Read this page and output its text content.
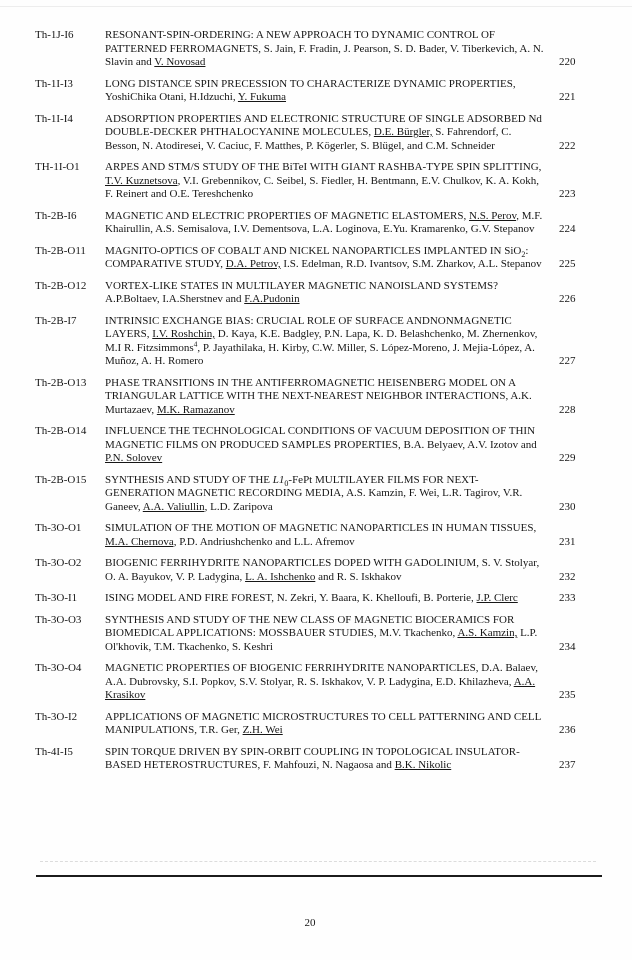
Th-1J-I6	RESONANT-SPIN-ORDERING: A NEW APPROACH TO DYNAMIC CONTROL OF PATTERNED FERROMAGNETS, S. Jain, F. Fradin, J. Pearson, S. D. Bader, V. Tiberkevich, A. N. Slavin and V. Novosad	220
Th-1I-I3	LONG DISTANCE SPIN PRECESSION TO CHARACTERIZE DYNAMIC PROPERTIES, YoshiChika Otani, H.Idzuchi, Y. Fukuma	221
Th-1I-I4	ADSORPTION PROPERTIES AND ELECTRONIC STRUCTURE OF SINGLE ADSORBED Nd DOUBLE-DECKER PHTHALOCYANINE MOLECULES, D.E. Bürgler, S. Fahrendorf, C. Besson, N. Atodiresei, V. Caciuc, F. Matthes, P. Kögerler, S. Blügel, and C.M. Schneider	222
TH-1I-O1	ARPES AND STM/S STUDY OF THE BiTeI WITH GIANT RASHBA-TYPE SPIN SPLITTING, T.V. Kuznetsova, V.I. Grebennikov, C. Seibel, S. Fiedler, H. Bentmann, E.V. Chulkov, K. A. Kokh, F. Reinert and O.E. Tereshchenko	223
Th-2B-I6	MAGNETIC AND ELECTRIC PROPERTIES OF MAGNETIC ELASTOMERS, N.S. Perov, M.F. Khairullin, A.S. Semisalova, I.V. Dementsova, L.A. Loginova, E.Yu. Kramarenko, G.V. Stepanov	224
Th-2B-O11	MAGNITO-OPTICS OF COBALT AND NICKEL NANOPARTICLES IMPLANTED IN SiO$_2$: COMPARATIVE STUDY, D.A. Petrov, I.S. Edelman, R.D. Ivantsov, S.M. Zharkov, A.L. Stepanov	225
Th-2B-O12	VORTEX-LIKE STATES IN MULTILAYER MAGNETIC NANOISLAND SYSTEMS? A.P.Boltaev, I.A.Sherstnev and F.A.Pudonin	226
Th-2B-I7	INTRINSIC EXCHANGE BIAS: CRUCIAL ROLE OF SURFACE ANDNONMAGNETIC LAYERS, I.V. Roshchin, D. Kaya, K.E. Badgley, P.N. Lapa, K. D. Belashchenko, M. Zhernenkov, M.I R. Fitzsimmons$^4$, P. Jayathilaka, H. Kirby, C.W. Miller, S. López-Moreno, J. Mejia-López, A. Muñoz, A. H. Romero	227
Th-2B-O13	PHASE TRANSITIONS IN THE ANTIFERROMAGNETIC HEISENBERG MODEL ON A TRIANGULAR LATTICE WITH THE NEXT-NEAREST NEIGHBOR INTERACTIONS, A.K. Murtazaev, M.K. Ramazanov	228
Th-2B-O14	INFLUENCE THE TECHNOLOGICAL CONDITIONS OF VACUUM DEPOSITION OF THIN MAGNETIC FILMS ON PRODUCED SAMPLES PROPERTIES, B.A. Belyaev, A.V. Izotov and P.N. Solovev	229
Th-2B-O15	SYNTHESIS AND STUDY OF THE $L1_0$-FePt MULTILAYER FILMS FOR NEXT-GENERATION MAGNETIC RECORDING MEDIA, A.S. Kamzin, F. Wei, L.R. Tagirov, V.R. Ganeev, A.A. Valiullin, L.D. Zaripova	230
Th-3O-O1	SIMULATION OF THE MOTION OF MAGNETIC NANOPARTICLES IN HUMAN TISSUES, M.A. Chernova, P.D. Andriushchenko and L.L. Afremov	231
Th-3O-O2	BIOGENIC FERRIHYDRITE NANOPARTICLES DOPED WITH GADOLINIUM, S. V. Stolyar, O. A. Bayukov, V. P. Ladygina, L. A. Ishchenko and R. S. Iskhakov	232
Th-3O-I1	ISING MODEL AND FIRE FOREST, N. Zekri, Y. Baara, K. Khelloufi, B. Porterie, J.P. Clerc	233
Th-3O-O3	SYNTHESIS AND STUDY OF THE NEW CLASS OF MAGNETIC BIOCERAMICS FOR BIOMEDICAL APPLICATIONS: MOSSBAUER STUDIES, M.V. Tkachenko, A.S. Kamzin, L.P. Ol'khovik, T.M. Tkachenko, S. Keshri	234
Th-3O-O4	MAGNETIC PROPERTIES OF BIOGENIC FERRIHYDRITE NANOPARTICLES, D.A. Balaev, A.A. Dubrovsky, S.I. Popkov, S.V. Stolyar, R. S. Iskhakov, V. P. Ladygina, E.D. Khilazheva, A.A. Krasikov	235
Th-3O-I2	APPLICATIONS OF MAGNETIC MICROSTRUCTURES TO CELL PATTERNING AND CELL MANIPULATIONS, T.R. Ger, Z.H. Wei	236
Th-4I-I5	SPIN TORQUE DRIVEN BY SPIN-ORBIT COUPLING IN TOPOLOGICAL INSULATOR-BASED HETEROSTRUCTURES, F. Mahfouzi, N. Nagaosa and B.K. Nikolic	237
20
